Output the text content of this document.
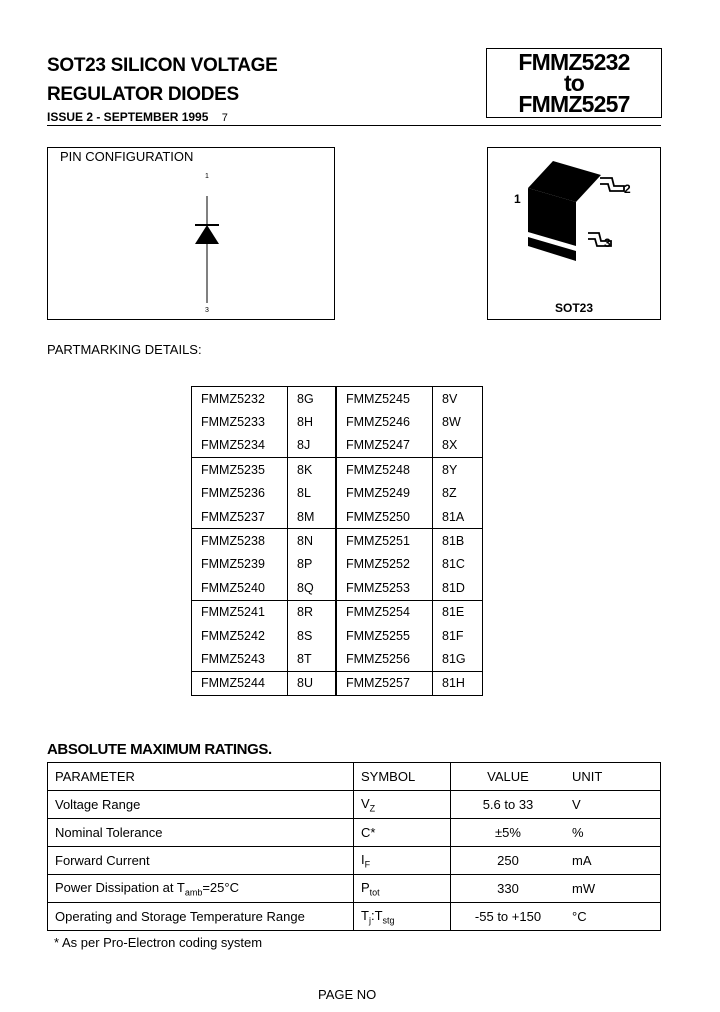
SOT23 SILICON VOLTAGE
REGULATOR DIODES
ISSUE 2 - SEPTEMBER 1995 7
FMMZ5232
to
FMMZ5257
PIN CONFIGURATION
1
3
1
2
3
SOT23
PARTMARKING DETAILS:
FMMZ5232	8G	FMMZ5245	8V
FMMZ5233	8H	FMMZ5246	8W
FMMZ5234	8J	FMMZ5247	8X
FMMZ5235	8K	FMMZ5248	8Y
FMMZ5236	8L	FMMZ5249	8Z
FMMZ5237	8M	FMMZ5250	81A
FMMZ5238	8N	FMMZ5251	81B
FMMZ5239	8P	FMMZ5252	81C
FMMZ5240	8Q	FMMZ5253	81D
FMMZ5241	8R	FMMZ5254	81E
FMMZ5242	8S	FMMZ5255	81F
FMMZ5243	8T	FMMZ5256	81G
FMMZ5244	8U	FMMZ5257	81H
ABSOLUTE MAXIMUM RATINGS.
PARAMETER	SYMBOL	VALUE	UNIT
Voltage Range	$V_Z$	5.6 to 33	V
Nominal Tolerance	C*	±5%	%
Forward Current	$I_F$	250	mA
Power Dissipation at $T_{amb}=25^\circ C$	$P_{tot}$	330	mW
Operating and Storage Temperature Range	$T_j:T_{stg}$	-55 to +150	°C
* As per Pro-Electron coding system
PAGE NO
